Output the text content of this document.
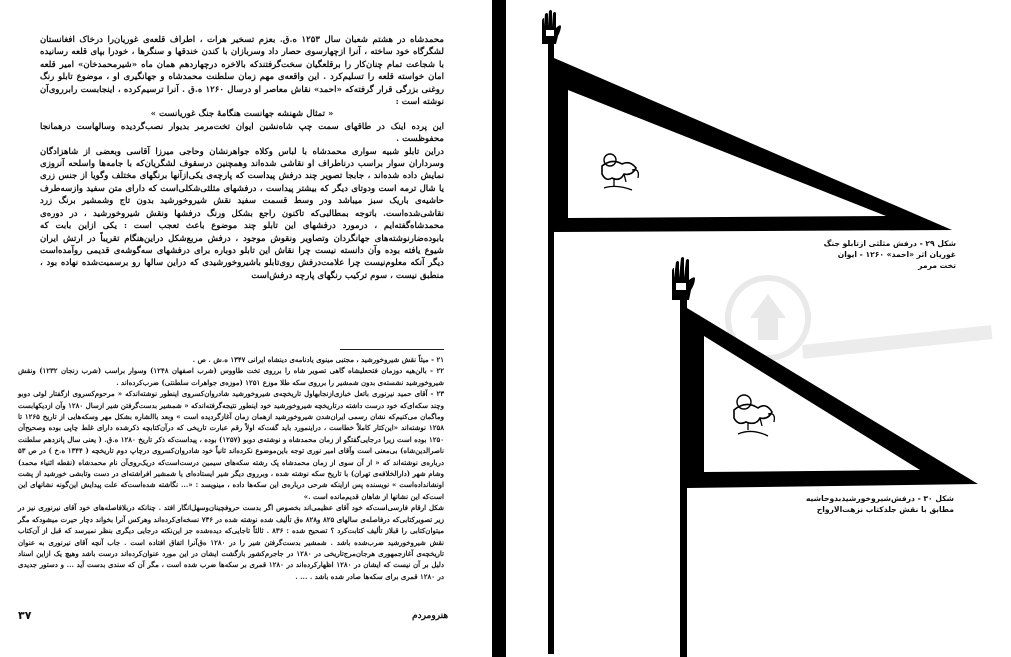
محمدشاه در هشتم شعبان سال ۱۲۵۳ ه.ق. بعزم تسخیر هرات ، اطراف قلعه‌ی غوریان‌را درخاک افغانستان لشگرگاه خود ساخته ، آنرا ازچهارسوی حصار داد وسربازان با کندن خندقها و سنگرها ، خودرا بپای قلعه رسانیده با شجاعت تمام چنان‌کار را برقلعگیان سخت‌گرفتندکه بالاخره درچهاردهم همان ماه «شیرمحمدخان» امیر قلعه امان خواسته قلعه را تسلیم‌کرد . این واقعه‌ی مهم زمان سلطنت محمدشاه و جهانگیری او ، موضوع تابلو رنگ روغنی بزرگی قرار گرفته‌که «احمد» نقاش معاصر او درسال ۱۲۶۰ ه.ق . آنرا ترسیم‌کرده ، اینجابست رابرروی‌آن نوشته است :

« تمثال شهنشه جهانست هنگامهٔ جنگ غوریانست »

این پرده اینک در طاقهای سمت چپ شاه‌نشین ایوان تخت‌مرمر بدیوار نصب‌گردیده وسالهاست درهمانجا محفوظست .

دراین تابلو شبیه سواری محمدشاه با لباس وکلاه جواهرنشان وحاجی میرزا آقاسی وبعضی از شاهزادگان وسرداران سوار براسب درناطر‌اف او نقاشی شده‌اند وهمچنین درسقوف لشگریان‌که با جامه‌ها واسلحه آنروزی نمایش داده شده‌اند ، جابجا تصویر چند درفش پیداست که پارچه‌ی یکی‌ازآنها برنگهای مختلف وگویا از جنس زری یا شال ترمه است ودوتای دیگر که بیشتر پیداست ، درفشهای مثلثی‌شکلی‌است که دارای متن سفید وازسه‌طرف حاشیه‌ی باریک سبز میباشد ودر وسط قسمت سفید نقش شیروخورشید بدون تاج وشمشیر برنگ زرد نقاشی‌شده‌است. باتوجه بمطالبی‌که تاکنون راجع بشکل ورنگ درفشها ونقش شیروخورشید ، در دوره‌ی محمدشاه‌گفته‌ایم ، درمورد درفشهای این تابلو چند موضوع باعث تعجب است : یکی ازاین بابت که بابوده‌ضارنوشته‌های جهانگردان وتصاویر ونقوش موجود ، درفش مربع‌شکل دراین‌هنگام تقریباً در ارتش ایران شیوع یافته بوده وآن دانسته نیست چرا نقاش این تابلو دوباره برای درفشهای سه‌گوشه‌ی قدیمی روآمده‌است دیگر آنکه معلوم‌نیست چرا علامت‌درفش روی‌تابلو باشیروخورشیدی که دراین سالها رو برسمیت‌شده نهاده بود ، منطبق نیست ، سوم ترکیب رنگهای پارچه درفش‌است

۲۱ - میثاً نقش شیروخورشید ، مجتبی مینوی یادنامه‌ی دینشاه ایرانی ۱۳۴۷ ه.ش . ص .

۲۲ - بالن‌هیه دوزمان فتحعلیشاه گاهی تصویر شاه را برروی تخت طاووس (شرب اصفهان ۱۲۴۸) وسوار براسب (شرب زنجان ۱۲۳۲) ونقش شیروخورشید نشسته‌ی بدون شمشیر را برروی سکه طلا موزع ۱۲۵۱ (موزه‌ی جواهرات سلطنتی) ضرب‌کرده‌اند .

۲۳ - آقای حمید نیرنوری باتعل خبازی‌ازنجابهاول تاریخچه‌ی شیروخورشید شادروان‌کسروی اینطور نوشته‌اندکه « مرحوم‌کسروی ازگفتار لوئی دوبو وچند سکه‌ای‌که خود درست داشته درتاریخچه شیروخورشید خود اینطور نتیجه‌گرفته‌اندکه « شمشیر بدست‌گرفتن شیر ازسال ۱۲۸۰ وآن ازدیکهابست وماگمان می‌کنیم‌که نشان رسمی ایران‌شدن شیروخورشید ازهمان زمان آغازگردیده است » وبعد باالشاره بشکل مهر وسکه‌هایی از تاریخ ۱۲۶۵ تا ۱۲۵۸ نوشته‌اند «این‌کتار کاملاً خطاست ، دراینمورد باید گفت‌که اولاً رقم عبارت تاریخی که درآن‌کتابچه ذکرشده دارای غلط چاپی بوده وصحیح‌آن ۱۲۵۰ بوده است زیرا درجایی‌گفتگو از زمان محمدشاه و نوشته‌ی دوبو (۱۲۵۷) بوده ، پیداست‌که ذکر تاریخ ۱۲۸۰ ه.ق. ( یعنی سال پانزدهم سلطنت ناصرالدین‌شاه) بی‌معنی است وآقای امیر نوری توجه باین‌موضوع نکرده‌اند ثانیاً خود شادروان‌کسروی درچاپ دوم تاریخچه ( ۱۳۴۴ ه.خ ) در ص ۵۳ درباره‌ی نوشته‌اند که « از آن سوی از زمان محمدشاه پک رشته سکه‌های سیمین درست‌است‌که دریک‌روی‌آن نام محمدشاه (نقطه اثنیاء محمد) وشام شهر (دارالخلافه‌ی تهران) با تاریخ سکه نوشته شده ، وبرروی دیگر شیر ایستاده‌ای یا شمشیر افراشته‌ای در دست وتابشی خورشید از پشت اونشانداده‌است » نویسنده پس ازاینکه شرحی درباره‌ی این سکه‌ها داده ، مینویسد : «... نگاشته شده‌است‌که علت پیدایش این‌گونه نشانهای این است‌که این نشانها از شاهان قدیم‌مانده است .»

شکل ارقام فارسی‌است‌که خود آقای عظیمی‌اند بخصوص اگر بدست حروفچینان‌وسهل‌انگار افتد . چنانکه دربلافاصله‌های خود آقای نیرنوری نیز در زیر تصویرکتابی‌که درفاصله‌ی سالهای ۸۲۵ و۸۲۸ ه‌ق تألیف شده نوشته شده در ۷۳۶ نسخه‌ای‌کرده‌اند وهرکس آنرا بخواند دچار حیرت میشود‌که مگر میتوان‌کتابی را قبلاز تألیف کتابت‌کرد ؟ تصحیح شده : ۸۳۶ . ثالثاً تاجایی‌که دیده‌شده جز این‌نکته درجایی دیگری بنظر نمیرسد که قبل از آن‌کتاب نقش شیروخورشید ضرب‌شده باشد . شمشیر بدست‌گرفتن شیر را در ۱۲۸۰ ه‌ق‌آنرا اتفاق افتاده است . جاب ‌آنچه آقای نیرنوری به عنوان تاریخچه‌ی آغاز‌جمهوری هرجان‌مرج‌تاریخی در ۱۲۸۰ در جاجرم‌کشور بازگشت ایشان در این مورد عنوان‌کرده‌اند درست باشد وهیچ یک ازاین اسناد دلیل بر آن نیست که ایشان در ۱۲۸۰ اظهار‌کرده‌اند در ۱۲۸۰ قمری بر سکه‌ها ضرب ‌شده است ، مگر آن که سندی بدست آید ... و دستور جدیدی در ۱۲۸۰ قمری برای سکه‌ها صادر شده باشد . ... .

۳۷	هنرومردم

شکل ۲۹ - درفش مثلثی ازتابلو جنگ

غوریان اثر «احمد» ۱۲۶۰ - ایوان

تخت مرمر

شکل ۳۰ - درفش‌شیروخورشیدبدوحاشیه

مطابق با نقش جلدکتاب نزهت‌الارواح
